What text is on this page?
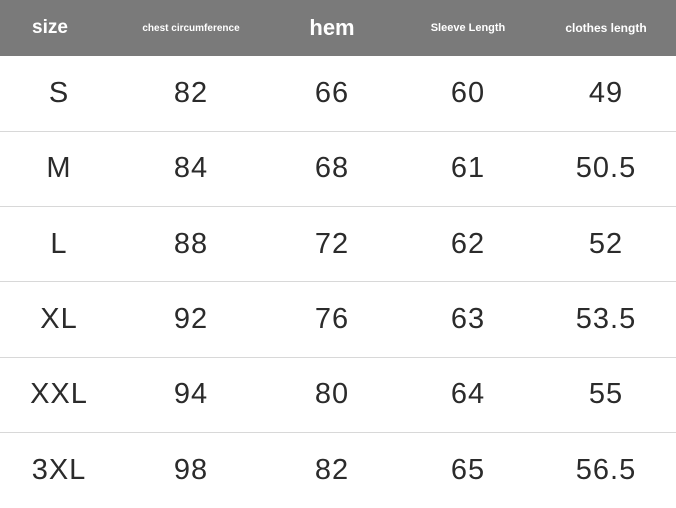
size	chest circumference	hem	Sleeve Length	clothes length
S	82	66	60	49
M	84	68	61	50.5
L	88	72	62	52
XL	92	76	63	53.5
XXL	94	80	64	55
3XL	98	82	65	56.5
